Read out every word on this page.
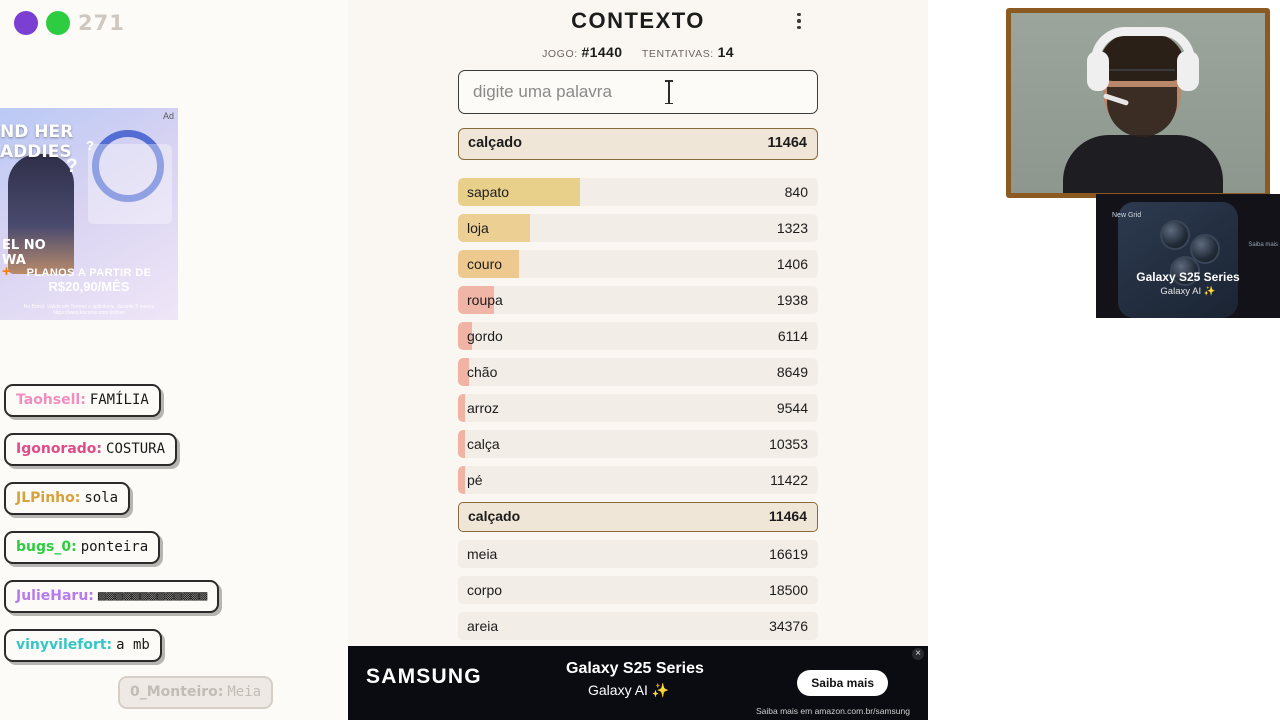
271
Ad
ND HER
ADDIES
?
?
EL NO
WA
+	PLANOS A PARTIR DE
R$20,90/MÊS
No Brasil. Válido em Termos e aplicáveis, durante 3 meses https://www.kocome.com.br/plan
Taohsell: FAMÍLIA
Igonorado: COSTURA
JLPinho: sola
bugs_0: ponteira
JulieHaru: ▩▩▩▩▩▩▩▩▩▩▩▩▩
vinyvilefort: a mb
0_Monteiro: Meia
CONTEXTO
JOGO: #1440 TENTATIVAS: 14
digite uma palavra
calçado	11464
sapato	840
loja	1323
couro	1406
roupa	1938
gordo	6114
chão	8649
arroz	9544
calça	10353
pé	11422
calçado	11464
meia	16619
corpo	18500
areia	34376
SAMSUNG	Galaxy S25 Series
Galaxy AI ✨	Saiba mais
Saiba mais em amazon.com.br/samsung
×
New Grid
Galaxy S25 Series
Galaxy AI ✨
Saiba mais
